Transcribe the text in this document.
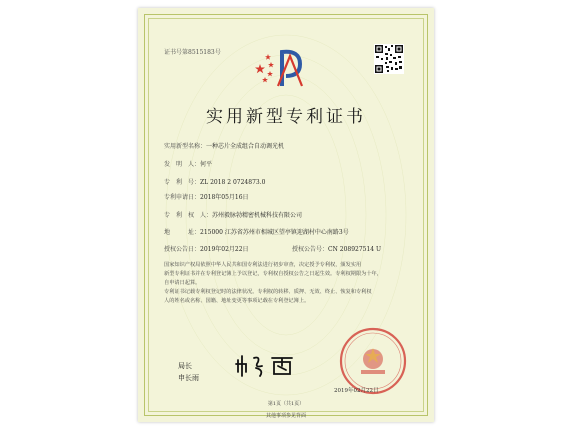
证书号第8515183号
实用新型专利证书
实用新型名称：一种芯片全成组合自动调光机
发　明　人：何平
专　利　号：ZL 2018 2 0724873.0
专利申请日：2018年05月16日
专　利　权　人：苏州毅脉勃精密机械科技有限公司
地　　　址：215000 江苏省苏州市相城区望亭镇迎湖村中心南路3号
授权公告日：2019年02月22日	授权公告号：CN 208927514 U
国家知识产权局依照中华人民共和国专利法进行初步审查，决定授予专利权，颁发实用
新型专利证书并在专利登记簿上予以登记，专利权自授权公告之日起生效。专利权期限为十年，
自申请日起算。
专利证书记载专利权登记时的法律状况。专利权的转移、质押、无效、终止、恢复和专利权
人的姓名或名称、国籍、地址变更等事项记载在专利登记簿上。
局长
申长雨
2019年02月22日
第1页（共1页）
其他事项参见背面
